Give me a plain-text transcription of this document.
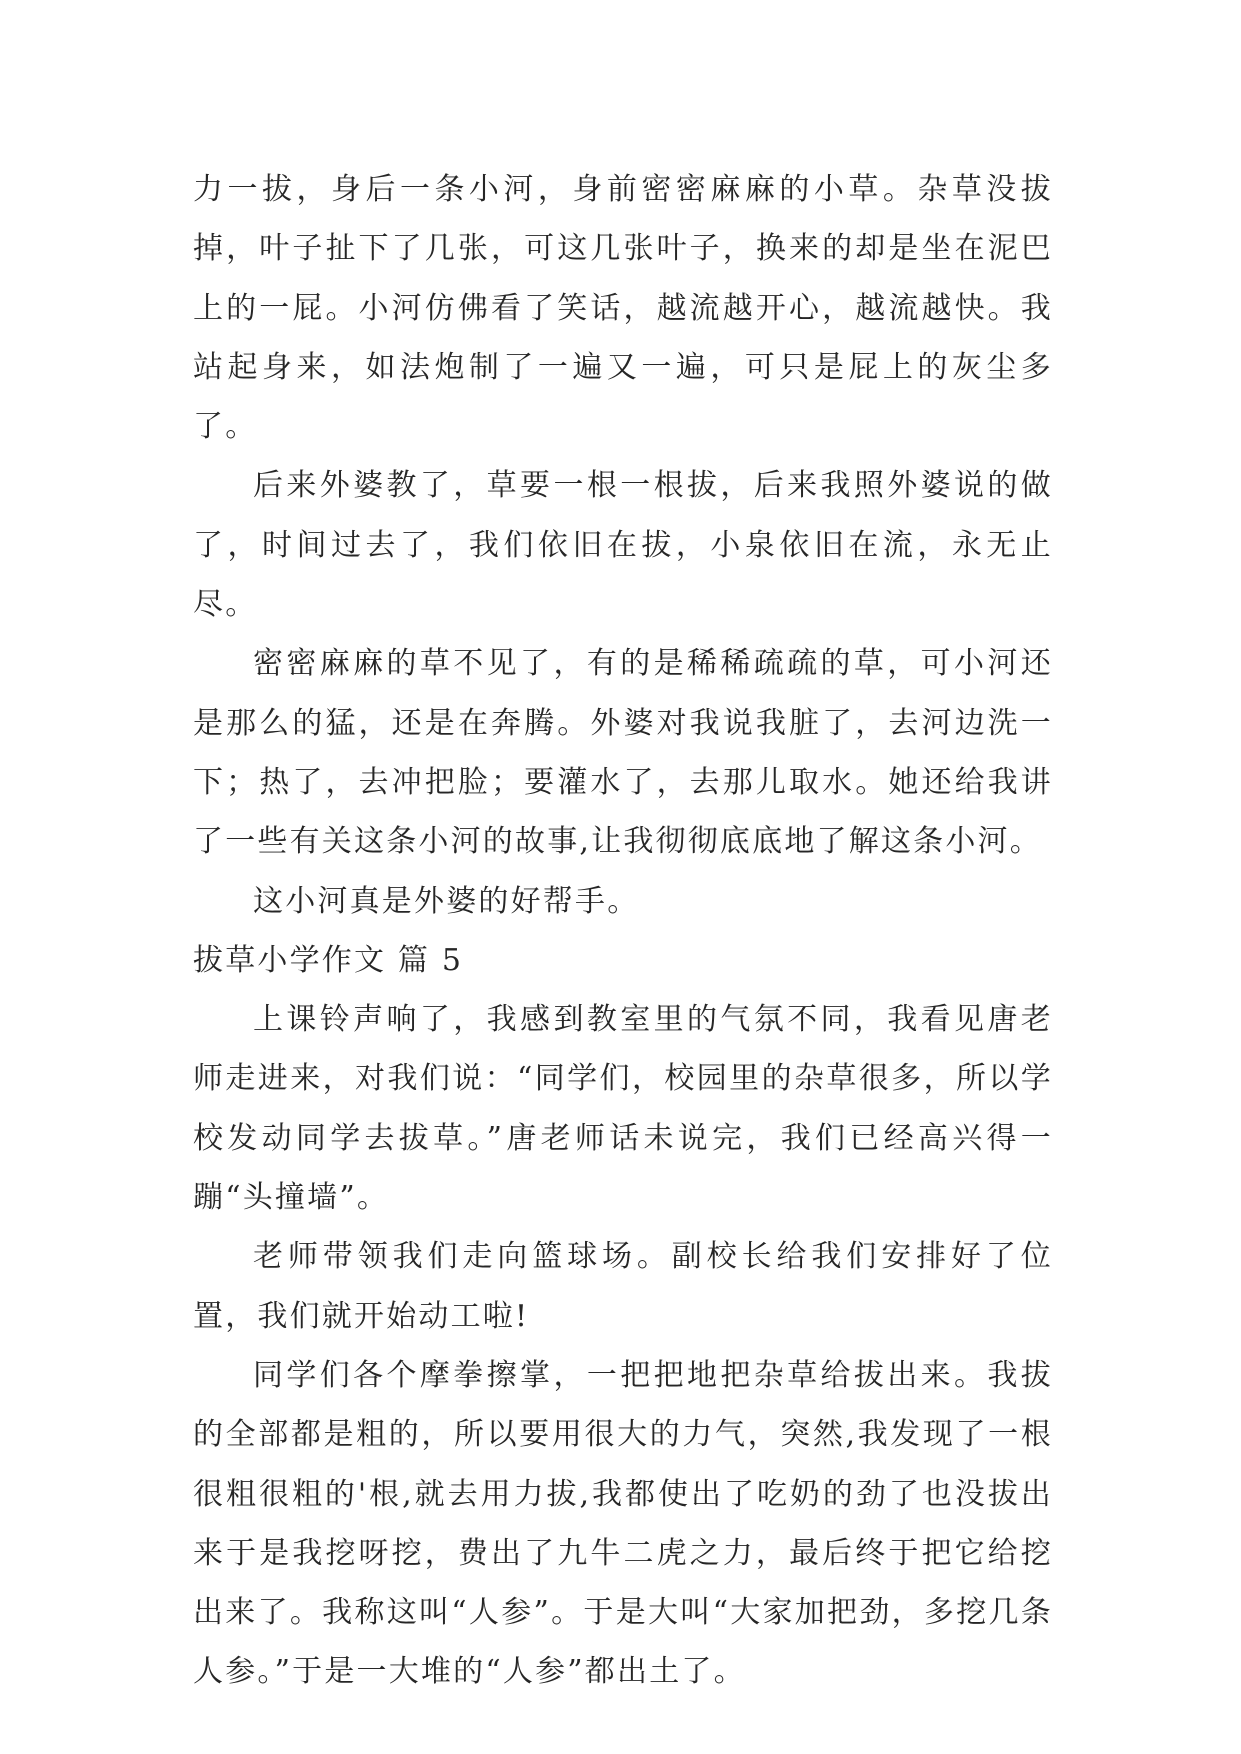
力一拔，身后一条小河，身前密密麻麻的小草。杂草没拔掉，叶子扯下了几张，可这几张叶子，换来的却是坐在泥巴上的一屁。小河仿佛看了笑话，越流越开心，越流越快。我站起身来，如法炮制了一遍又一遍，可只是屁上的灰尘多了。

后来外婆教了，草要一根一根拔，后来我照外婆说的做了，时间过去了，我们依旧在拔，小泉依旧在流，永无止尽。

密密麻麻的草不见了，有的是稀稀疏疏的草，可小河还是那么的猛，还是在奔腾。外婆对我说我脏了，去河边洗一下；热了，去冲把脸；要灌水了，去那儿取水。她还给我讲了一些有关这条小河的故事,让我彻彻底底地了解这条小河。

这小河真是外婆的好帮手。

拔草小学作文 篇 5

上课铃声响了，我感到教室里的气氛不同，我看见唐老师走进来，对我们说：“同学们，校园里的杂草很多，所以学校发动同学去拔草。”唐老师话未说完，我们已经高兴得一蹦“头撞墙”。

老师带领我们走向篮球场。副校长给我们安排好了位置，我们就开始动工啦!

同学们各个摩拳擦掌，一把把地把杂草给拔出来。我拔的全部都是粗的，所以要用很大的力气，突然,我发现了一根很粗很粗的'根,就去用力拔,我都使出了吃奶的劲了也没拔出来于是我挖呀挖，费出了九牛二虎之力，最后终于把它给挖出来了。我称这叫“人参”。于是大叫“大家加把劲，多挖几条人参。”于是一大堆的“人参”都出土了。
